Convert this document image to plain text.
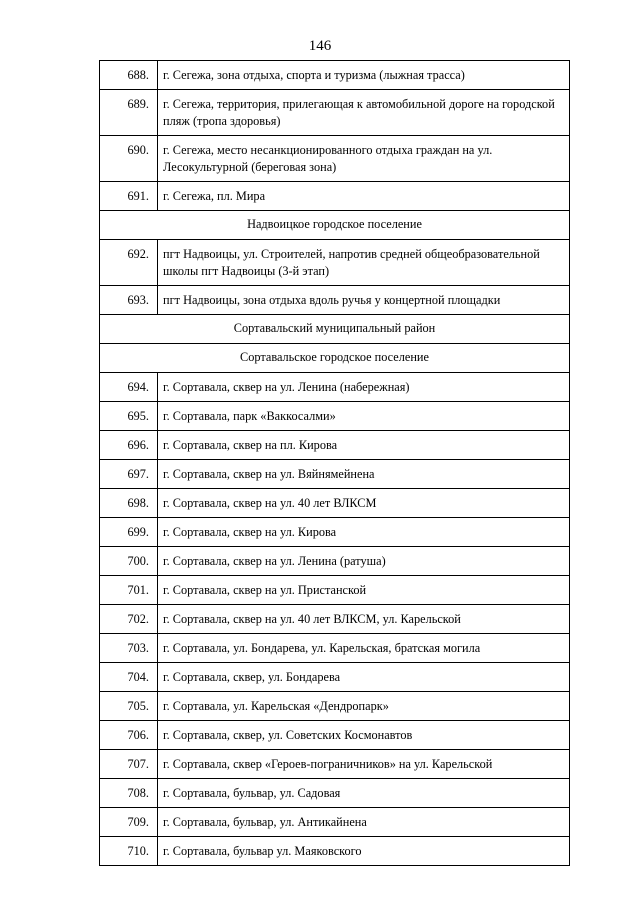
146
688.	г. Сегежа, зона отдыха, спорта и туризма (лыжная трасса)
689.	г. Сегежа, территория, прилегающая к автомобильной дороге на городской пляж (тропа здоровья)
690.	г. Сегежа, место несанкционированного отдыха граждан на ул. Лесокультурной (береговая зона)
691.	г. Сегежа, пл. Мира
Надвоицкое городское поселение	
692.	пгт Надвоицы, ул. Строителей, напротив средней общеобразовательной школы пгт Надвоицы (3-й этап)
693.	пгт Надвоицы, зона отдыха вдоль ручья у концертной площадки
Сортавальский муниципальный район	
Сортавальское городское поселение	
694.	г. Сортавала, сквер на ул. Ленина (набережная)
695.	г. Сортавала, парк «Ваккосалми»
696.	г. Сортавала, сквер на пл. Кирова
697.	г. Сортавала, сквер на ул. Вяйнямейнена
698.	г. Сортавала, сквер на ул. 40 лет ВЛКСМ
699.	г. Сортавала, сквер на ул. Кирова
700.	г. Сортавала, сквер на ул. Ленина (ратуша)
701.	г. Сортавала, сквер на ул. Пристанской
702.	г. Сортавала, сквер на ул. 40 лет ВЛКСМ, ул. Карельской
703.	г. Сортавала, ул. Бондарева, ул. Карельская, братская могила
704.	г. Сортавала, сквер, ул. Бондарева
705.	г. Сортавала, ул. Карельская «Дендропарк»
706.	г. Сортавала, сквер, ул. Советских Космонавтов
707.	г. Сортавала, сквер «Героев-пограничников» на ул. Карельской
708.	г. Сортавала, бульвар, ул. Садовая
709.	г. Сортавала, бульвар, ул. Антикайнена
710.	г. Сортавала, бульвар ул. Маяковского
